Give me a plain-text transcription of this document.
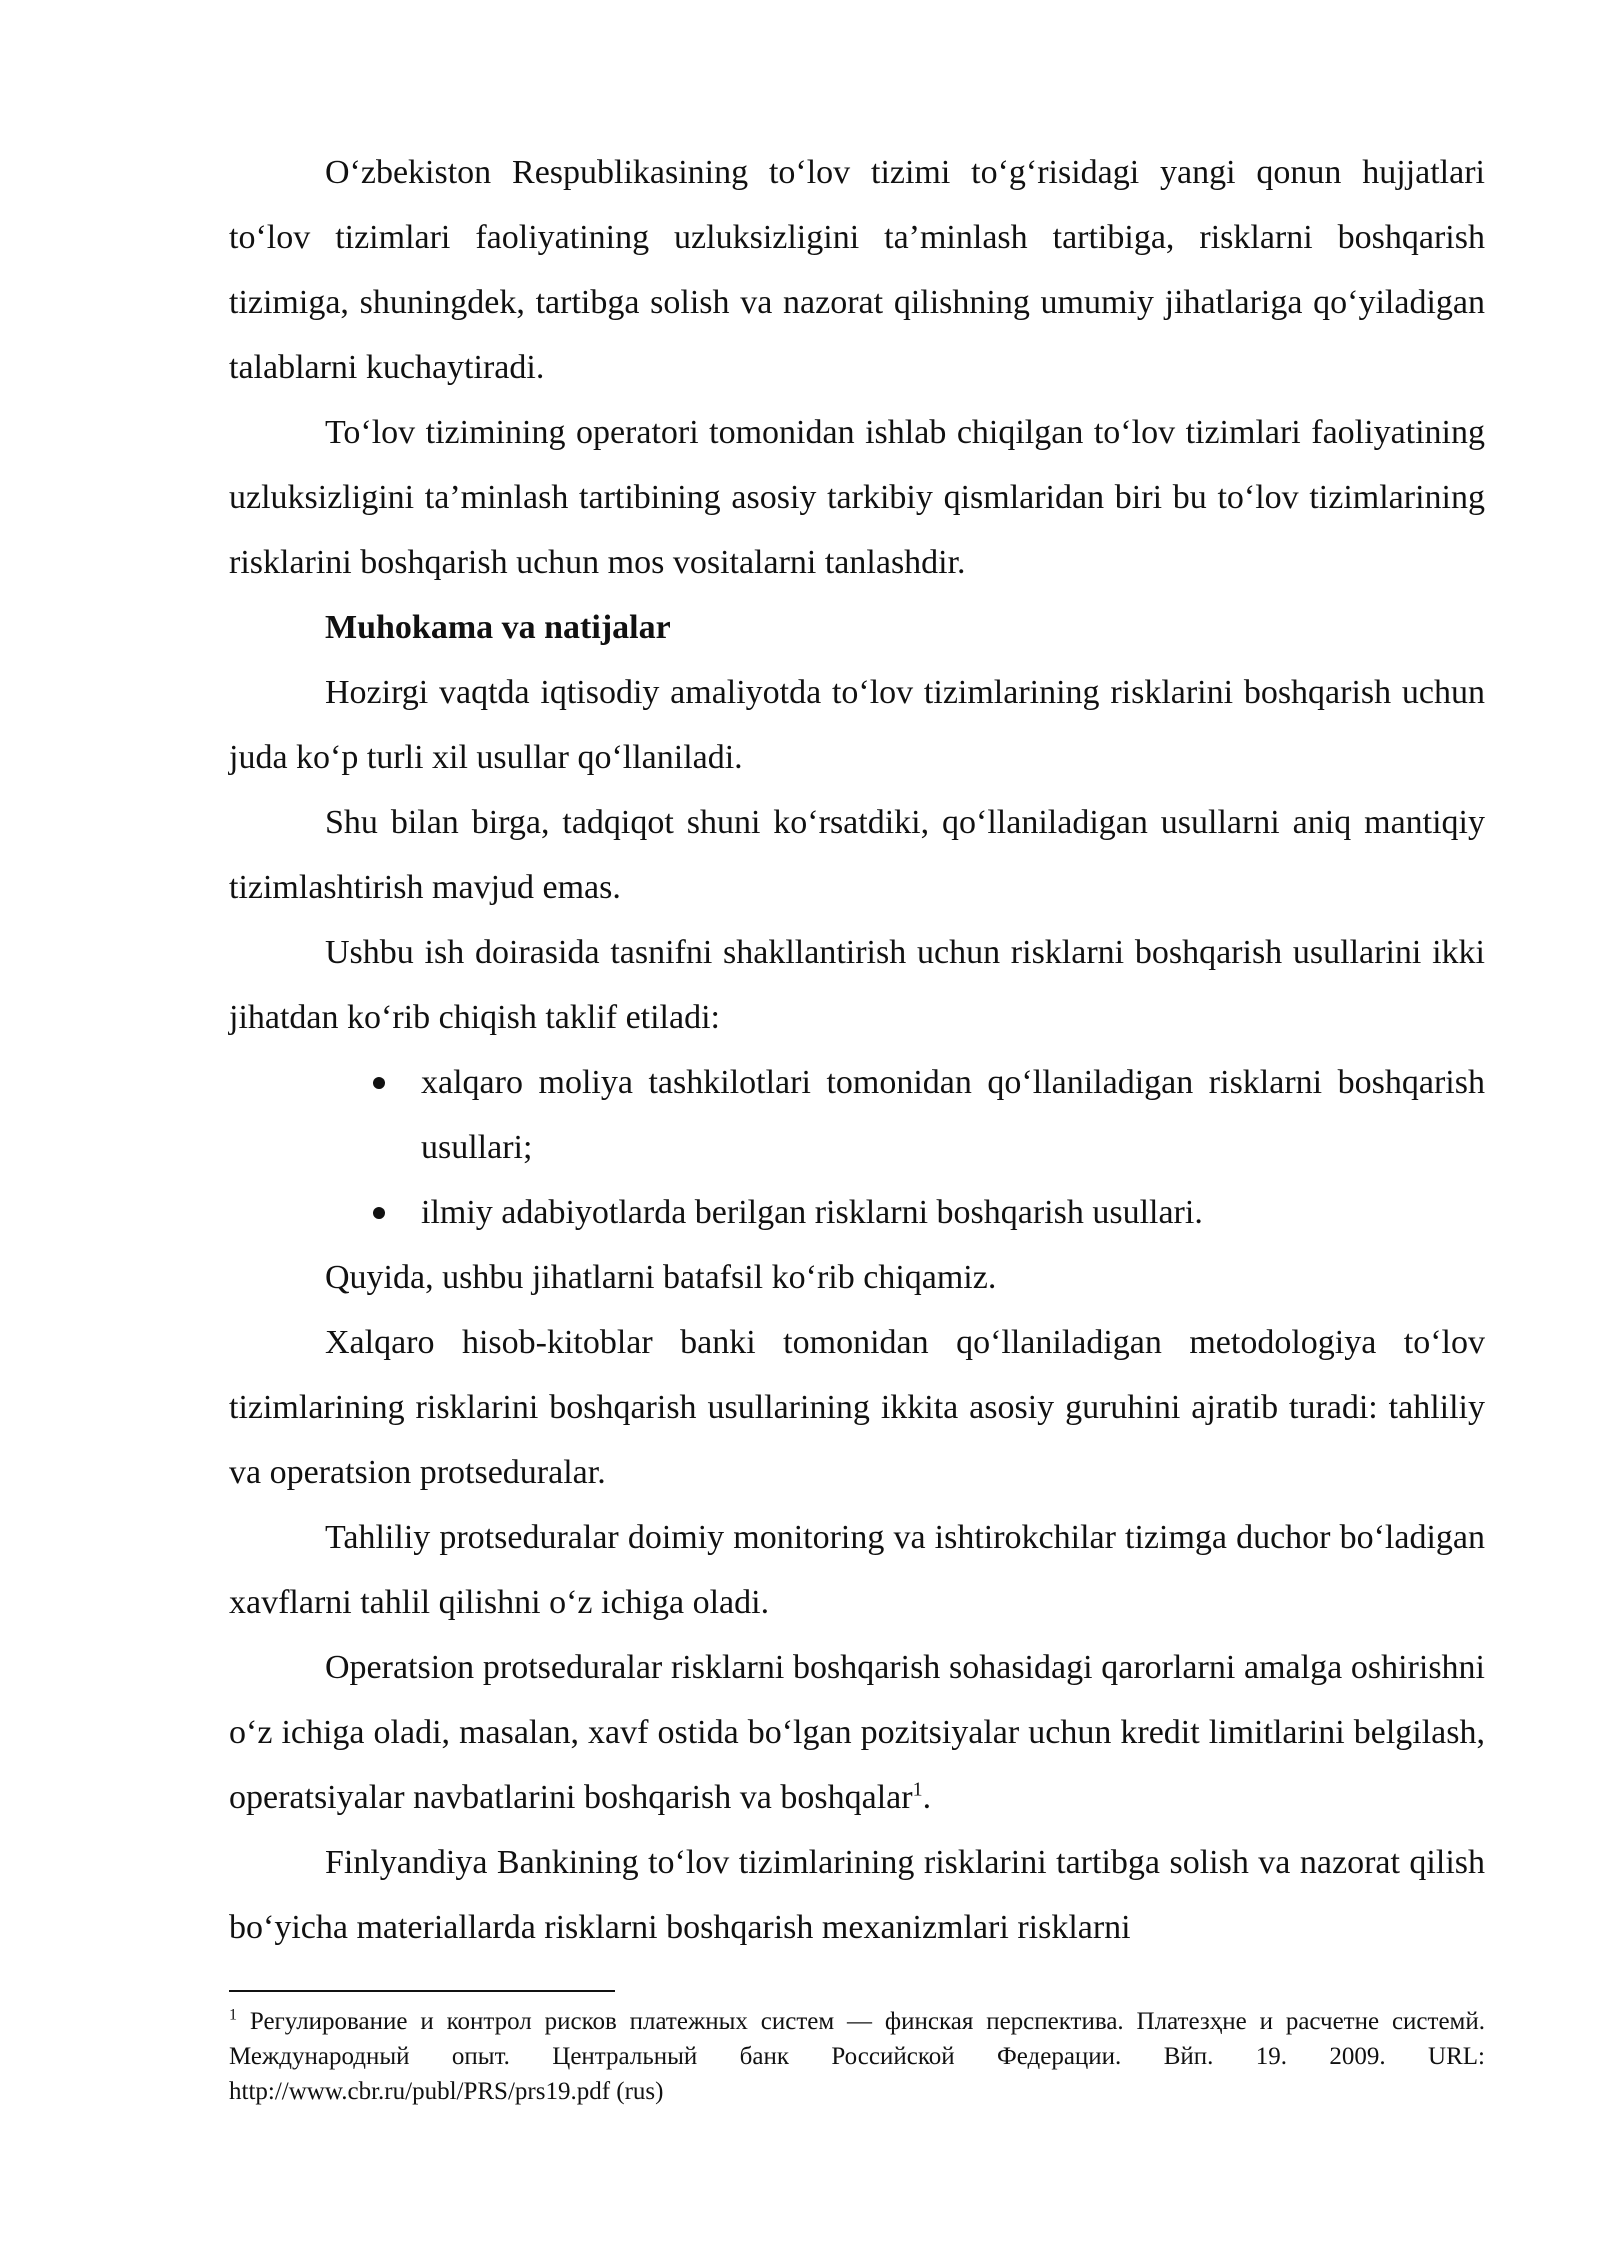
O‘zbekiston Respublikasining to‘lov tizimi to‘g‘risidagi yangi qonun hujjatlari to‘lov tizimlari faoliyatining uzluksizligini ta’minlash tartibiga, risklarni boshqarish tizimiga, shuningdek, tartibga solish va nazorat qilishning umumiy jihatlariga qo‘yiladigan talablarni kuchaytiradi.

To‘lov tizimining operatori tomonidan ishlab chiqilgan to‘lov tizimlari faoliyatining uzluksizligini ta’minlash tartibining asosiy tarkibiy qismlaridan biri bu to‘lov tizimlarining risklarini boshqarish uchun mos vositalarni tanlashdir.

Muhokama va natijalar

Hozirgi vaqtda iqtisodiy amaliyotda to‘lov tizimlarining risklarini boshqarish uchun juda ko‘p turli xil usullar qo‘llaniladi.

Shu bilan birga, tadqiqot shuni ko‘rsatdiki, qo‘llaniladigan usullarni aniq mantiqiy tizimlashtirish mavjud emas.

Ushbu ish doirasida tasnifni shakllantirish uchun risklarni boshqarish usullarini ikki jihatdan ko‘rib chiqish taklif etiladi:

xalqaro moliya tashkilotlari tomonidan qo‘llaniladigan risklarni boshqarish usullari;
ilmiy adabiyotlarda berilgan risklarni boshqarish usullari.

Quyida, ushbu jihatlarni batafsil ko‘rib chiqamiz.

Xalqaro hisob-kitoblar banki tomonidan qo‘llaniladigan metodologiya to‘lov tizimlarining risklarini boshqarish usullarining ikkita asosiy guruhini ajratib turadi: tahliliy va operatsion protseduralar.

Tahliliy protseduralar doimiy monitoring va ishtirokchilar tizimga duchor bo‘ladigan xavflarni tahlil qilishni o‘z ichiga oladi.

Operatsion protseduralar risklarni boshqarish sohasidagi qarorlarni amalga oshirishni o‘z ichiga oladi, masalan, xavf ostida bo‘lgan pozitsiyalar uchun kredit limitlarini belgilash, operatsiyalar navbatlarini boshqarish va boshqalar$^1$.

Finlyandiya Bankining to‘lov tizimlarining risklarini tartibga solish va nazorat qilish bo‘yicha materiallarda risklarni boshqarish mexanizmlari risklarni

$^1$ Регулирование и контрол рисков платежных систем — финская перспектива. Платезҳне и расчетне системй. Международный опыт. Центральный банк Российской Федерации. Вйп. 19. 2009. URL: http://www.cbr.ru/publ/PRS/prs19.pdf (rus)
